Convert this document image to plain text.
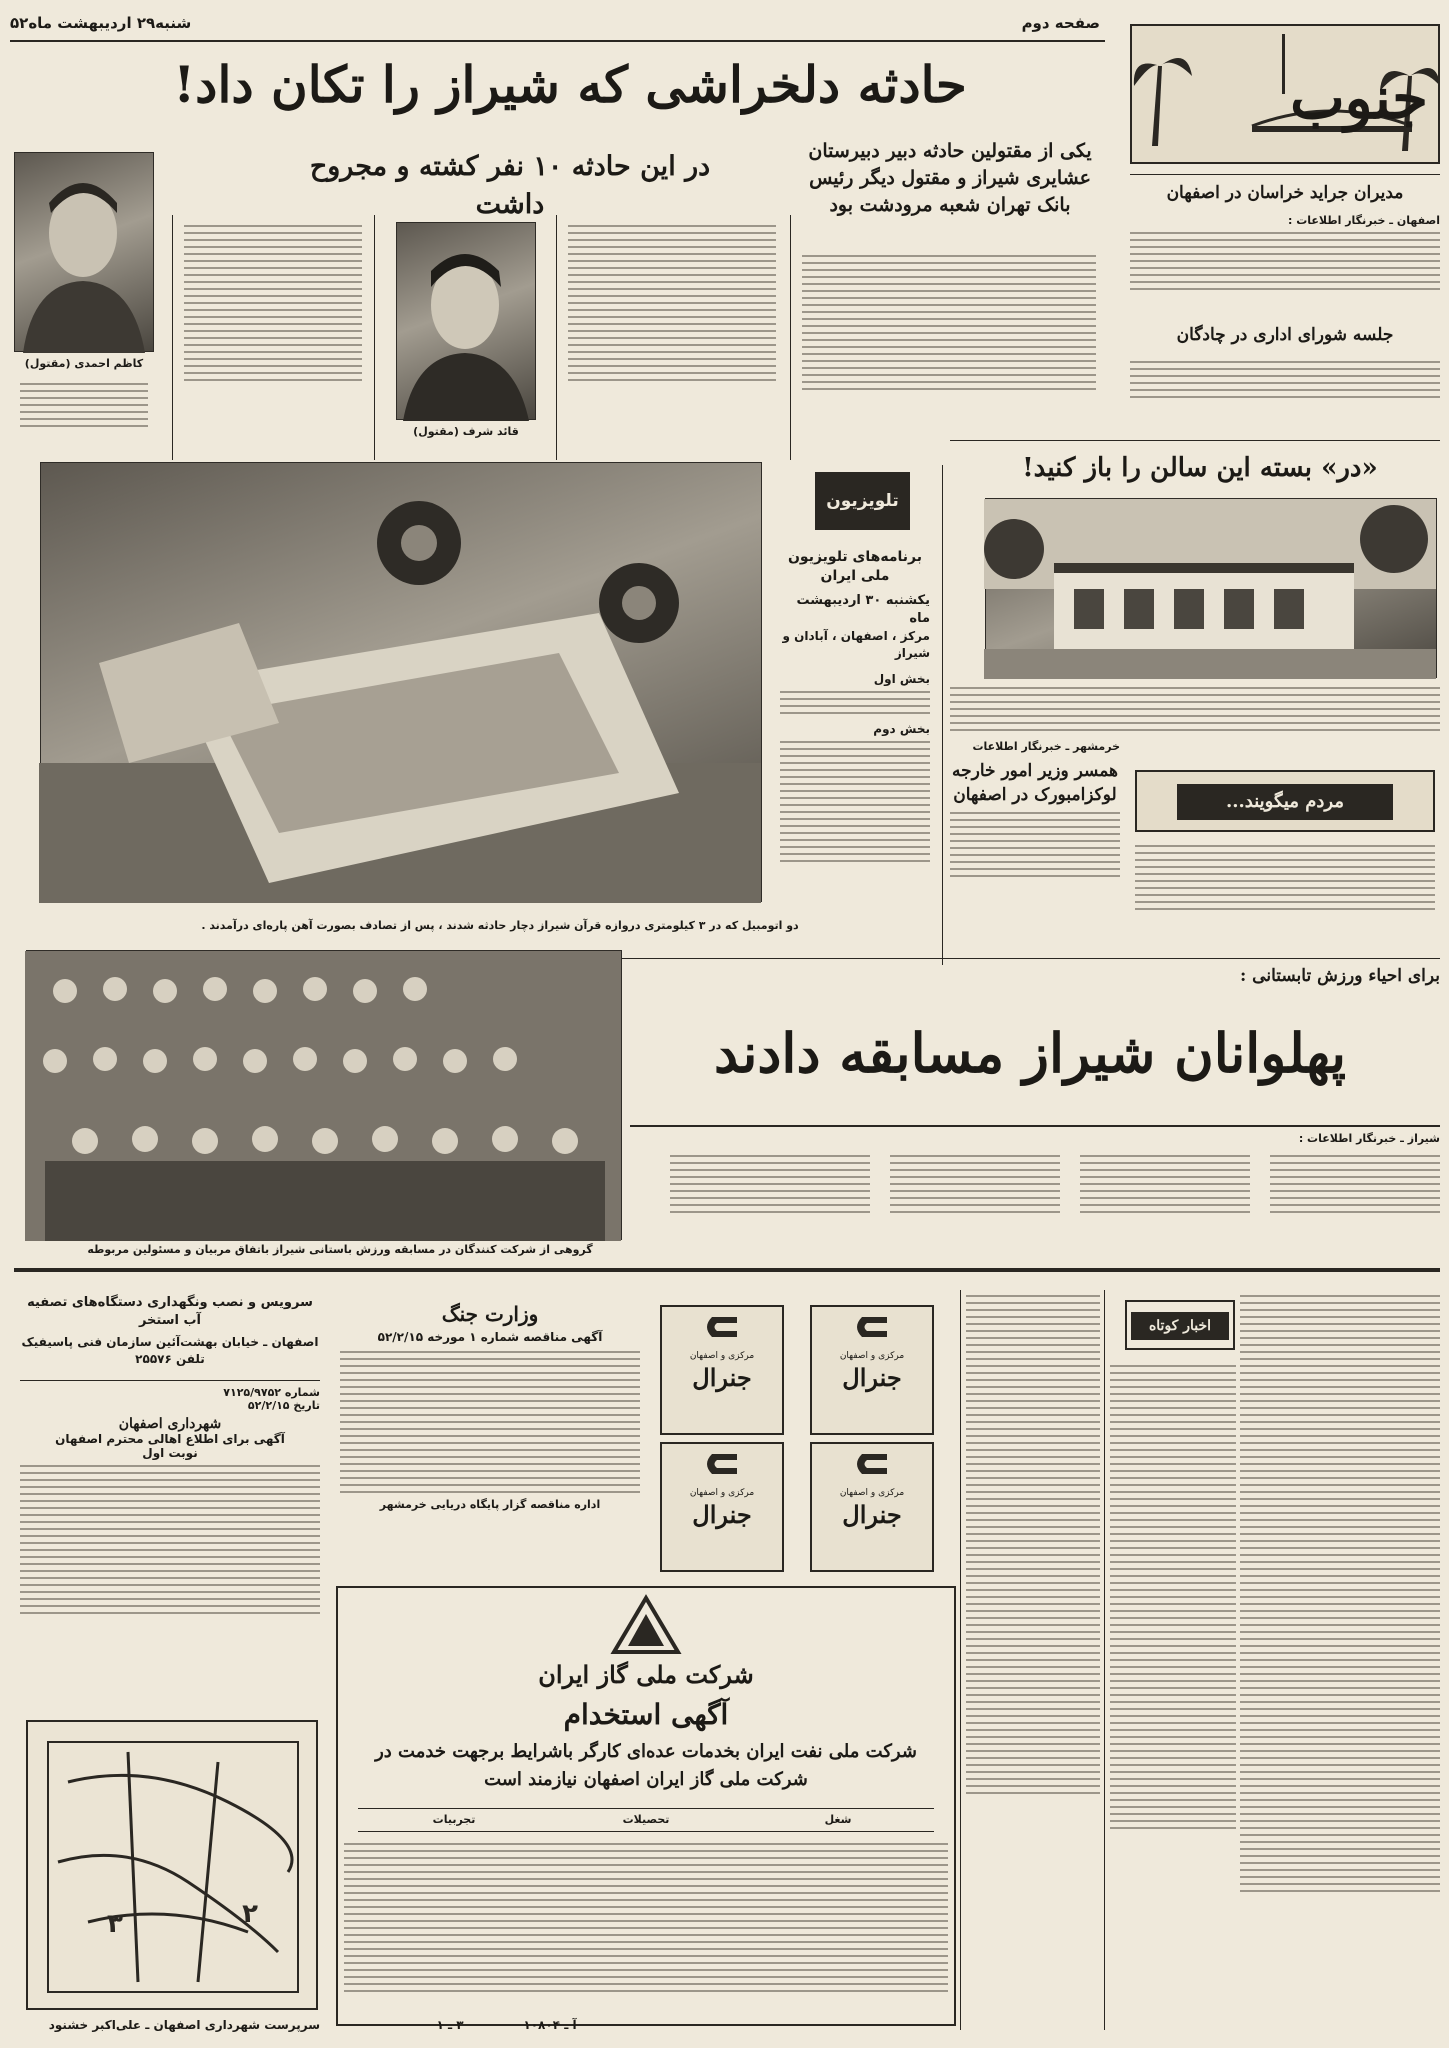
شنبه۲۹ اردیبهشت ماه۵۲	صفحه دوم
جنوب
حادثه دلخراشی که شیراز را تکان داد!
در این حادثه ۱۰ نفر کشته و مجروح داشت
یکی از مقتولین حادثه دبیر دبیرستان عشایری شیراز و مقتول دیگر رئیس بانک تهران شعبه مرودشت بود
کاظم احمدی (مقتول)
قائد شرف (مقتول)
دو اتومبیل که در ۳ کیلومتری دروازه قرآن شیراز دچار حادثه شدند ، پس از تصادف بصورت آهن پاره‌ای درآمدند .
تلویزیون
برنامه‌های تلویزیون ملی ایران
یکشنبه ۳۰ اردیبهشت ماه
مرکز ، اصفهان ، آبادان و شیراز
بخش اول
بخش دوم
خرمشهر ـ خبرنگار اطلاعات
همسر وزیر امور خارجه لوکزامبورک در اصفهان
مدیران جراید خراسان در اصفهان
اصفهان ـ خبرنگار اطلاعات :
جلسه شورای اداری در چادگان
«در» بسته این سالن را باز کنید!
مردم میگویند...
برای احیاء ورزش تابستانی :
پهلوانان شیراز مسابقه دادند
گروهی از شرکت کنندگان در مسابقه ورزش باستانی شیراز باتفاق مربیان و مسئولین مربوطه
شیراز ـ خبرنگار اطلاعات :
اخبار کوتاه
مرکزی و اصفهان
جنرال
مرکزی و اصفهان
جنرال
مرکزی و اصفهان
جنرال
مرکزی و اصفهان
جنرال
وزارت جنگ
آگهی مناقصه شماره ۱ مورخه ۵۲/۲/۱۵
اداره مناقصه گزار پایگاه دریایی خرمشهر
شرکت ملی گاز ایران
آگهی استخدام
شرکت ملی نفت ایران بخدمات عده‌ای کارگر باشرایط برجهت خدمت در شرکت ملی گاز ایران اصفهان نیازمند است
شغل
تحصیلات
تجربیات
سرویس و نصب ونگهداری دستگاه‌های تصفیه آب استخر
اصفهان ـ خیابان بهشت‌آئین سازمان فنی پاسیفیک تلفن ۲۵۵۷۶
شماره ۷۱۲۵/۹۷۵۲
تاریخ ۵۲/۲/۱۵
شهرداری اصفهان
آگهی برای اطلاع اهالی محترم اصفهان
نوبت اول
٣	٢
سرپرست شهرداری اصفهان ـ علی‌اکبر خشنود	آ ـ ۱۰۸۰۴
۳ ـ ۱
